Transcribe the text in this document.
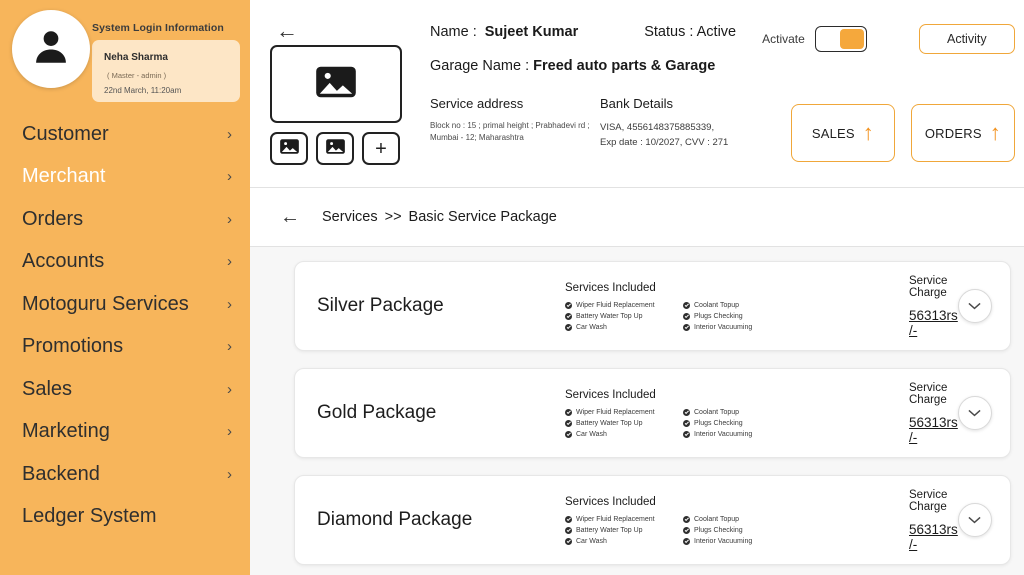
System Login Information
Neha Sharma( Master - admin )
22nd March, 11:20am
Customer	›
Merchant	›
Orders	›
Accounts	›
Motoguru Services	›
Promotions	›
Sales	›
Marketing	›
Backend	›
Ledger System
←
+
Name : Sujeet Kumar	Status : Active
Garage Name : Freed auto parts & Garage
Service address
Block no : 15 ; primal height ; Prabhadevi rd ; Mumbai - 12; Maharashtra
Bank Details
VISA, 4556148375885339,
Exp date : 10/2027, CVV : 271
Activate	Activity
SALES ↑	ORDERS ↑
← Services >> Basic Service Package
Silver Package
Services Included
Wiper Fluid Replacement	Coolant Topup
Battery Water Top Up	Plugs Checking
Car Wash	Interior Vacuuming
Service Charge
56313rs /-
Gold Package
Services Included
Wiper Fluid Replacement	Coolant Topup
Battery Water Top Up	Plugs Checking
Car Wash	Interior Vacuuming
Service Charge
56313rs /-
Diamond Package
Services Included
Wiper Fluid Replacement	Coolant Topup
Battery Water Top Up	Plugs Checking
Car Wash	Interior Vacuuming
Service Charge
56313rs /-
